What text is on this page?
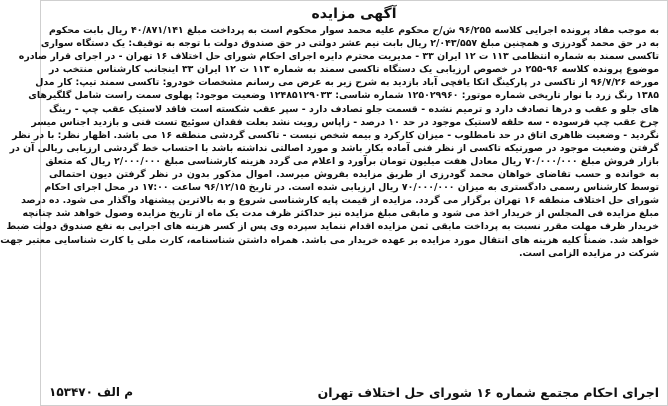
آگهی مزایده
به موجب مفاد پرونده اجرایی کلاسه ۹۶/۲۵۵ ش/ح محکوم علیه محمد سوار محکوم است به پرداخت مبلغ ۴۰/۸۷۱/۱۴۱ ریال بابت محکوم
به در حق محمد گودرزی و همچنین مبلغ ۲/۰۴۳/۵۵۷ ریال بابت نیم عشر دولتی در حق صندوق دولت با توجه به توقیف: یک دستگاه سواری
تاکسی سمند به شماره انتظامی ۱۱۳ ت ۱۲ ایران ۳۳ - مدیریت محترم دایره اجرای احکام شورای حل اختلاف ۱۶ تهران - در اجرای قرار صادره
موضوع پرونده کلاسه ۹۶-۲۵۵ در خصوص ارزیابی یک دستگاه تاکسی سمند به شماره ۱۱۳ ت ۱۲ ایران ۳۳ اینجانب کارشناس منتخب در
مورخه ۹۶/۷/۲۶ از تاکسی در پارکینگ اتکا یافچی آباد بازدید به شرح زیر به عرض می رسانم مشخصات خودرو: تاکسی سمند تیپ: کار مدل
۱۳۸۵ رنگ زرد با نوار تاریخی شماره موتور: ۱۲۵۰۲۹۹۶۰ شماره شاسی: ۱۲۴۸۵۱۲۹۰۳۳ وضعیت موجود: پهلوی سمت راست شامل گلگیرهای
های جلو و عقب و درها تصادف دارد و ترمیم نشده - قسمت جلو تصادف دارد - سپر عقب شکسته است فاقد لاستیک عقب چپ - رینگ
چرخ عقب چپ فرسوده - سه حلقه لاستیک موجود در حد ۱۰ درصد - زاپاس رویت نشد بعلت فقدان سوئیچ تست فنی و بازدید اجناس میسر
نگردید - وضعیت ظاهری اتاق در حد نامطلوب - میزان کارکرد و بیمه شخص نیست - تاکسی گردشی منطقه ۱۶ می باشد. اظهار نظر: با در نظر
گرفتن وضعیت موجود در صورتیکه تاکسی از نظر فنی آماده بکار باشد و مورد اصالتی نداشته باشد با احتساب خط گردشی ارزیابی ریالی آن در
بازار فروش مبلغ ۷۰/۰۰۰/۰۰۰ ریال معادل هفت میلیون تومان برآورد و اعلام می گردد هزینه کارشناسی مبلغ ۲/۰۰۰/۰۰۰ ریال که متعلق
به خوانده و حسب تقاضای خواهان محمد گودرزی از طریق مزایده بفروش میرسد. اموال مذکور بدون در نظر گرفتن دیون احتمالی
توسط کارشناس رسمی دادگستری به میزان ۷۰/۰۰۰/۰۰۰ ریال ارزیابی شده است. در تاریخ ۹۶/۱۲/۱۵ ساعت ۱۷:۰۰ در محل اجرای احکام
شورای حل اختلاف منطقه ۱۶ تهران برگزار می گردد. مزایده از قیمت پایه کارشناسی شروع و به بالاترین پیشنهاد واگذار می شود. ده درصد
مبلغ مزایده فی المجلس از خریدار اخذ می شود و مابقی مبلغ مزایده نیز حداکثر ظرف مدت یک ماه از تاریخ مزایده وصول خواهد شد چنانچه
خریدار ظرف مهلت مقرر نسبت به پرداخت مابقی ثمن مزایده اقدام ننماید سپرده وی پس از کسر هزینه های اجرایی به نفع صندوق دولت ضبط
خواهد شد. ضمناً کلیه هزینه های انتقال مورد مزایده بر عهده خریدار می باشد. همراه داشتن شناسنامه، کارت ملی یا کارت شناسایی معتبر جهت
شرکت در مزایده الزامی است.
اجرای احکام مجتمع شماره ۱۶ شورای حل اختلاف تهران
م الف ۱۵۳۴۷۰
